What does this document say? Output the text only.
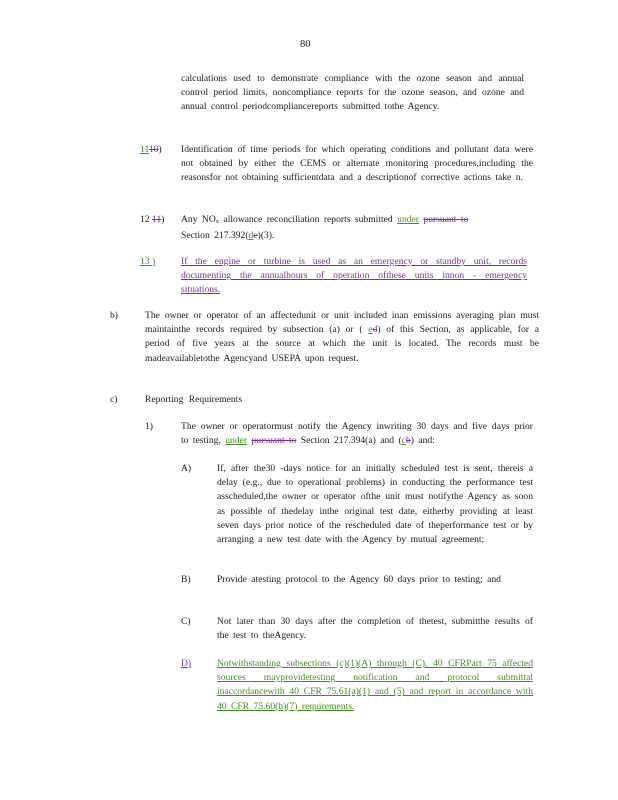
80
calculations used to demonstrate compliance with the ozone season and annual control period limits, noncompliance reports for the ozone season, and ozone and annual control periodcompliancereports submitted tothe Agency.
1110) Identification of time periods for which operating conditions and pollutant data were not obtained by either the CEMS or alternate monitoring procedures,including the reasonsfor not obtaining sufficientdata and a descriptionof corrective actions take n.
12 11) Any NOx allowance reconciliation reports submitted under pursuant to
Section 217.392(de)(3).
13 )	If the engine or turbine is used as an emergency or standby unit, records documenting the annualhours of operation ofthese units innon - emergency situations.
b)	The owner or operator of an affectedunit or unit included inan emissions averaging plan must maintainthe records required by subsection (a) or ( ed) of this Section, as applicable, for a period of five years at the source at which the unit is located. The records must be madeavailabletothe Agencyand USEPA upon request.
c)	Reporting Requirements
1)	The owner or operatormust notify the Agency inwriting 30 days and five days prior to testing, under pursuant to Section 217.394(a) and (cb) and:
A)	If, after the30 -days notice for an initially scheduled test is sent, thereis a delay (e.g., due to operational problems) in conducting the performance test asscheduled,the owner or operator ofthe unit must notifythe Agency as soon as possible of thedelay inthe original test date, eitherby providing at least seven days prior notice of the rescheduled date of theperformance test or by arranging a new test date with the Agency by mutual agreement;
B)	Provide atesting protocol to the Agency 60 days prior to testing; and
C)	Not later than 30 days after the completion of thetest, submitthe results of the test to theAgency.
D)	Notwithstanding subsections (c)(1)(A) through (C), 40 CFRPart 75 affected sources mayprovidetesting notification and protocol submittal inaccordancewith 40 CFR 75.61(a)(1) and (5) and report in accordance with 40 CFR 75.60(b)(7) requirements.
